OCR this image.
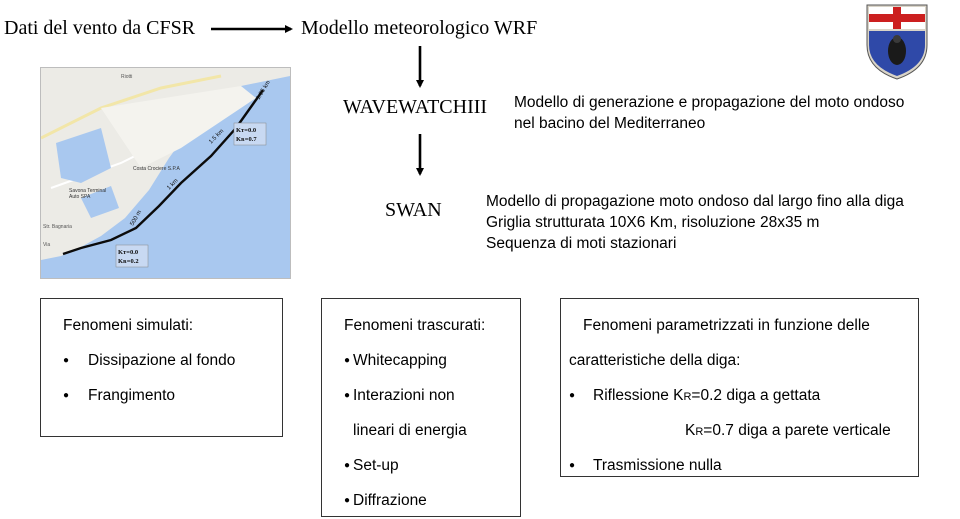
Dati del vento da CFSR	Modello meteorologico WRF
WAVEWATCHIII
SWAN
Modello di generazione e propagazione del moto ondoso
nel bacino del Mediterraneo
Modello di propagazione moto ondoso dal largo fino alla diga
Griglia strutturata 10X6 Km, risoluzione 28x35 m
Sequenza di moti stazionari
Costa Crociere S.P.A
Savona Terminal
Auto SPA
Str. Bagnaria
Via
Riotti
1.95 km
1.5 km
1 km
500 m
Kт=0.0
Kʀ=0.7
Kт=0.0
Kʀ=0.2
Fenomeni simulati:
● Dissipazione al fondo
● Frangimento
Fenomeni trascurati:
● Whitecapping
● Interazioni non
lineari di energia
● Set-up
● Diffrazione
Fenomeni parametrizzati in funzione delle
caratteristiche della diga:
● Riflessione KR=0.2 diga a gettata
KR=0.7 diga a parete verticale
● Trasmissione nulla
